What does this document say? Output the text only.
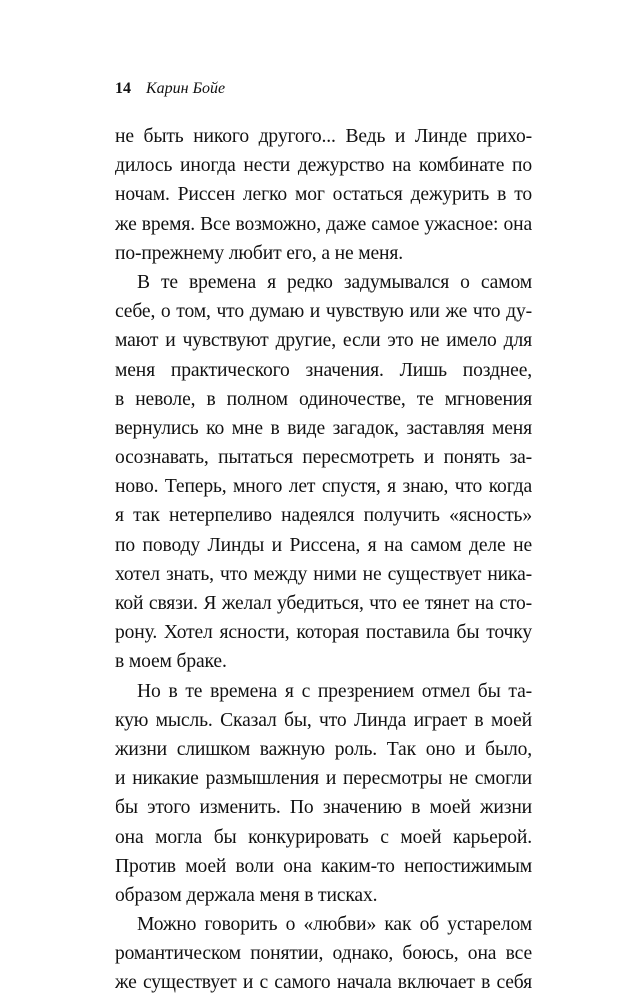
14 Карин Бойе
не быть никого другого... Ведь и Линде прихо-
дилось иногда нести дежурство на комбинате по
ночам. Риссен легко мог остаться дежурить в то
же время. Все возможно, даже самое ужасное: она
по-прежнему любит его, а не меня.
В те времена я редко задумывался о самом
себе, о том, что думаю и чувствую или же что ду-
мают и чувствуют другие, если это не имело для
меня практического значения. Лишь позднее,
в неволе, в полном одиночестве, те мгновения
вернулись ко мне в виде загадок, заставляя меня
осознавать, пытаться пересмотреть и понять за-
ново. Теперь, много лет спустя, я знаю, что когда
я так нетерпеливо надеялся получить «ясность»
по поводу Линды и Риссена, я на самом деле не
хотел знать, что между ними не существует ника-
кой связи. Я желал убедиться, что ее тянет на сто-
рону. Хотел ясности, которая поставила бы точку
в моем браке.
Но в те времена я с презрением отмел бы та-
кую мысль. Сказал бы, что Линда играет в моей
жизни слишком важную роль. Так оно и было,
и никакие размышления и пересмотры не смогли
бы этого изменить. По значению в моей жизни
она могла бы конкурировать с моей карьерой.
Против моей воли она каким-то непостижимым
образом держала меня в тисках.
Можно говорить о «любви» как об устарелом
романтическом понятии, однако, боюсь, она все
же существует и с самого начала включает в себя
